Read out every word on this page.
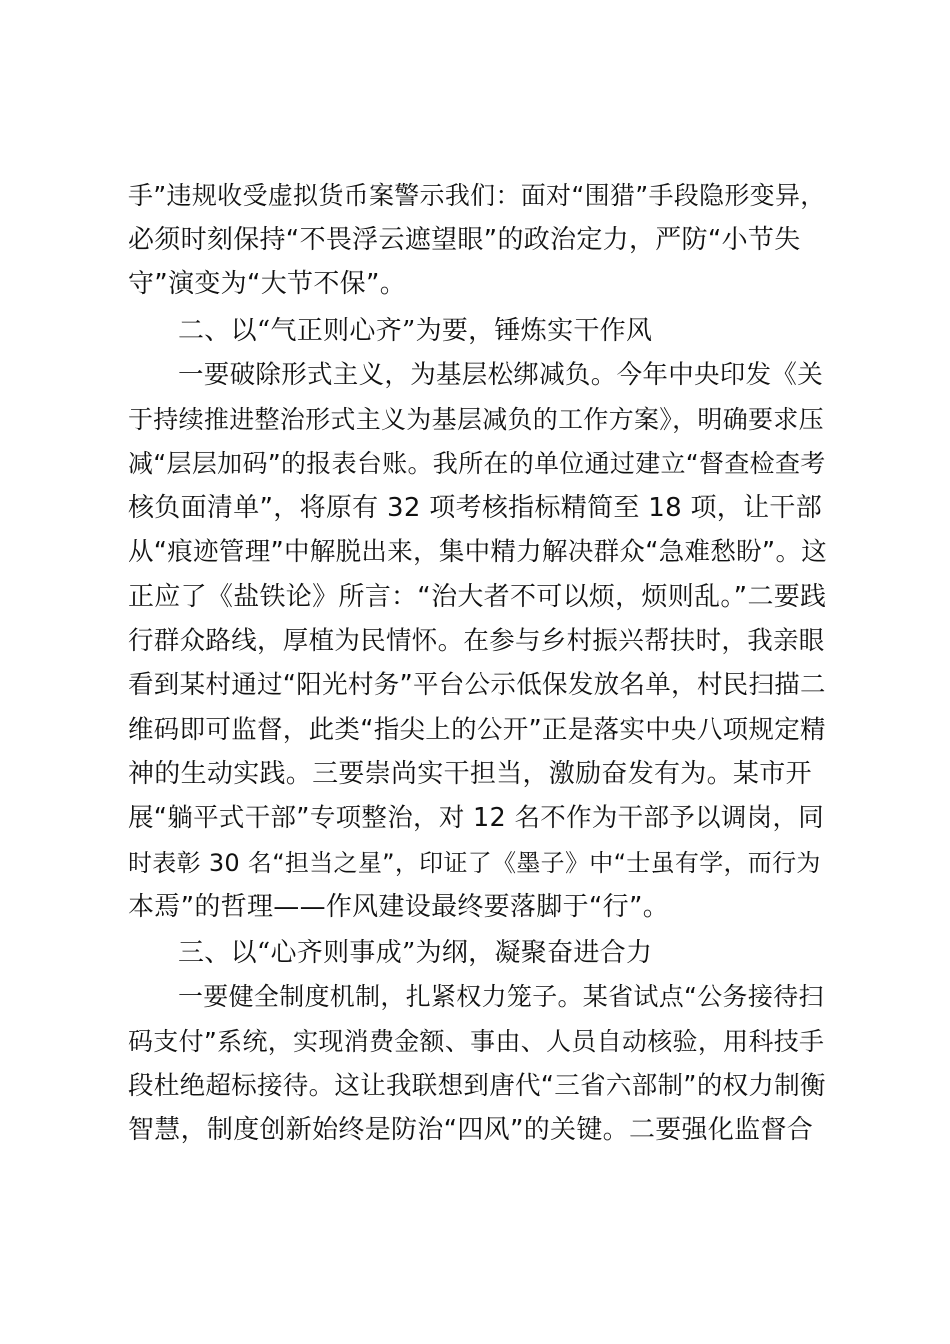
手”违规收受虚拟货币案警示我们：面对“围猎”手段隐形变异，
必须时刻保持“不畏浮云遮望眼”的政治定力，严防“小节失
守”演变为“大节不保”。
二、以“气正则心齐”为要，锤炼实干作风
一要破除形式主义，为基层松绑减负。今年中央印发《关
于持续推进整治形式主义为基层减负的工作方案》，明确要求压
减“层层加码”的报表台账。我所在的单位通过建立“督查检查考
核负面清单”，将原有 32 项考核指标精简至 18 项，让干部
从“痕迹管理”中解脱出来，集中精力解决群众“急难愁盼”。这
正应了《盐铁论》所言：“治大者不可以烦，烦则乱。”二要践
行群众路线，厚植为民情怀。在参与乡村振兴帮扶时，我亲眼
看到某村通过“阳光村务”平台公示低保发放名单，村民扫描二
维码即可监督，此类“指尖上的公开”正是落实中央八项规定精
神的生动实践。三要崇尚实干担当，激励奋发有为。某市开
展“躺平式干部”专项整治，对 12 名不作为干部予以调岗，同
时表彰 30 名“担当之星”，印证了《墨子》中“士虽有学，而行为
本焉”的哲理——作风建设最终要落脚于“行”。
三、以“心齐则事成”为纲，凝聚奋进合力
一要健全制度机制，扎紧权力笼子。某省试点“公务接待扫
码支付”系统，实现消费金额、事由、人员自动核验，用科技手
段杜绝超标接待。这让我联想到唐代“三省六部制”的权力制衡
智慧，制度创新始终是防治“四风”的关键。二要强化监督合
